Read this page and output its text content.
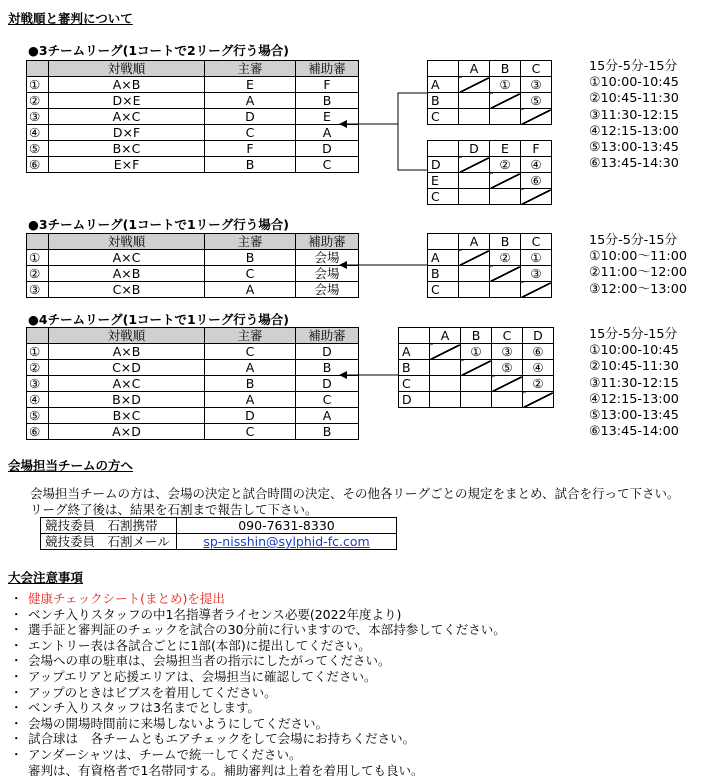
対戦順と審判について
●3チームリーグ(1コートで2リーグ行う場合)
	対戦順	主審	補助審
①	A×B	E	F
②	D×E	A	B
③	A×C	D	E
④	D×F	C	A
⑤	B×C	F	D
⑥	E×F	B	C
	A	B	C
A		①	③
B			⑤
C			
	D	E	F
D		②	④
E			⑥
C			
15分-5分-15分
①10:00-10:45
②10:45-11:30
③11:30-12:15
④12:15-13:00
⑤13:00-13:45
⑥13:45-14:30
●3チームリーグ(1コートで1リーグ行う場合)
	対戦順	主審	補助審
①	A×C	B	会場
②	A×B	C	会場
③	C×B	A	会場
	A	B	C
A		②	①
B			③
C			
15分-5分-15分
①10:00～11:00
②11:00～12:00
③12:00～13:00
●4チームリーグ(1コートで1リーグ行う場合)
	対戦順	主審	補助審
①	A×B	C	D
②	C×D	A	B
③	A×C	B	D
④	B×D	A	C
⑤	B×C	D	A
⑥	A×D	C	B
	A	B	C	D
A		①	③	⑥
B			⑤	④
C				②
D				
15分-5分-15分
①10:00-10:45
②10:45-11:30
③11:30-12:15
④12:15-13:00
⑤13:00-13:45
⑥13:45-14:00
会場担当チームの方へ
会場担当チームの方は、会場の決定と試合時間の決定、その他各リーグごとの規定をまとめ、試合を行って下さい。
リーグ終了後は、結果を石割まで報告して下さい。
競技委員　石割携帯	090-7631-8330
競技委員　石割メール	sp-nisshin@sylphid-fc.com
大会注意事項
・ 健康チェックシート(まとめ)を提出
・ ベンチ入りスタッフの中1名指導者ライセンス必要(2022年度より)
・ 選手証と審判証のチェックを試合の30分前に行いますので、本部持参してください。
・ エントリー表は各試合ごとに1部(本部)に提出してください。
・ 会場への車の駐車は、会場担当者の指示にしたがってください。
・ アップエリアと応援エリアは、会場担当に確認してください。
・ アップのときはビブスを着用してください。
・ ベンチ入りスタッフは3名までとします。
・ 会場の開場時間前に来場しないようにしてください。
・ 試合球は　各チームともエアチェックをして会場にお持ちください。
・ アンダーシャツは、チームで統一してください。
審判は、有資格者で1名帯同する。補助審判は上着を着用しても良い。
